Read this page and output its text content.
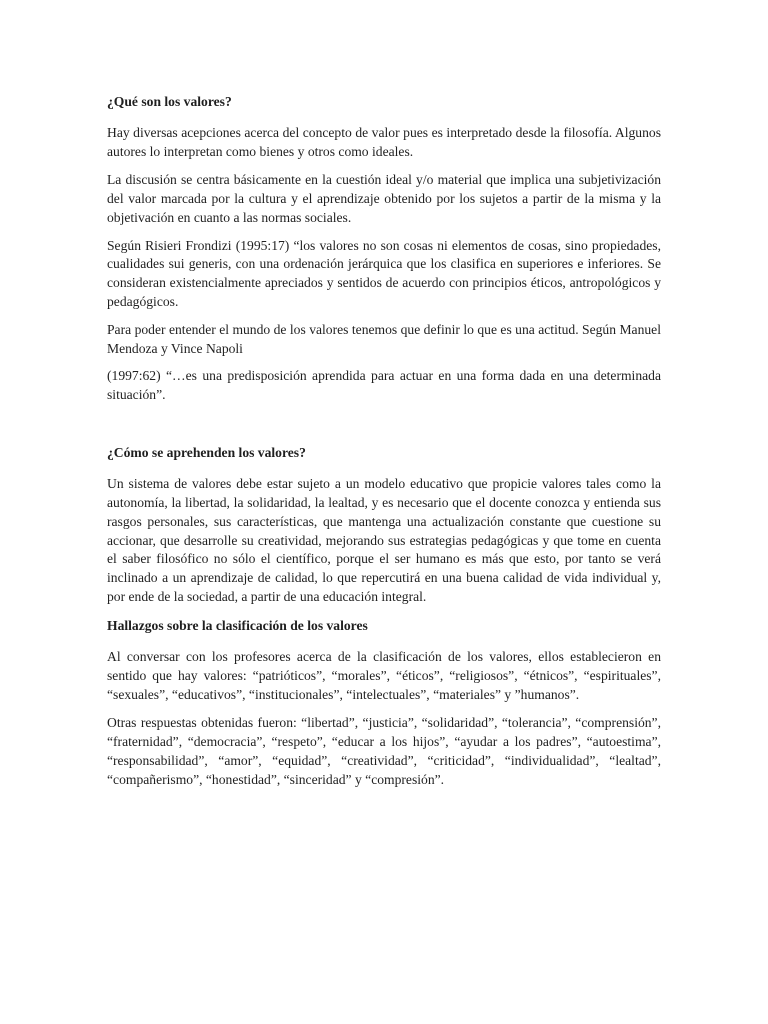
¿Qué son los valores?

Hay diversas acepciones acerca del concepto de valor pues es interpretado desde la filosofía. Algunos autores lo interpretan como bienes y otros como ideales.

La discusión se centra básicamente en la cuestión ideal y/o material que implica una subjetivización del valor marcada por la cultura y el aprendizaje obtenido por los sujetos a partir de la misma y la objetivación en cuanto a las normas sociales.

Según Risieri Frondizi (1995:17) “los valores no son cosas ni elementos de cosas, sino propiedades, cualidades sui generis, con una ordenación jerárquica que los clasifica en superiores e inferiores. Se consideran existencialmente apreciados y sentidos de acuerdo con principios éticos, antropológicos y pedagógicos.

Para poder entender el mundo de los valores tenemos que definir lo que es una actitud. Según Manuel Mendoza y Vince Napoli

(1997:62) “…es una predisposición aprendida para actuar en una forma dada en una determinada situación”.

¿Cómo se aprehenden los valores?

Un sistema de valores debe estar sujeto a un modelo educativo que propicie valores tales como la autonomía, la libertad, la solidaridad, la lealtad, y es necesario que el docente conozca y entienda sus rasgos personales, sus características, que mantenga una actualización constante que cuestione su accionar, que desarrolle su creatividad, mejorando sus estrategias pedagógicas y que tome en cuenta el saber filosófico no sólo el científico, porque el ser humano es más que esto, por tanto se verá inclinado a un aprendizaje de calidad, lo que repercutirá en una buena calidad de vida individual y, por ende de la sociedad, a partir de una educación integral.

Hallazgos sobre la clasificación de los valores

Al conversar con los profesores acerca de la clasificación de los valores, ellos establecieron en sentido que hay valores: “patrióticos”, “morales”, “éticos”, “religiosos”, “étnicos”, “espirituales”, “sexuales”, “educativos”, “institucionales”, “intelectuales”, “materiales” y ”humanos”.

Otras respuestas obtenidas fueron: “libertad”, “justicia”, “solidaridad”, “tolerancia”, “comprensión”, “fraternidad”, “democracia”, “respeto”, “educar a los hijos”, “ayudar a los padres”, “autoestima”, “responsabilidad”, “amor”, “equidad”, “creatividad”, “criticidad”, “individualidad”, “lealtad”, “compañerismo”, “honestidad”, “sinceridad” y “compresión”.
